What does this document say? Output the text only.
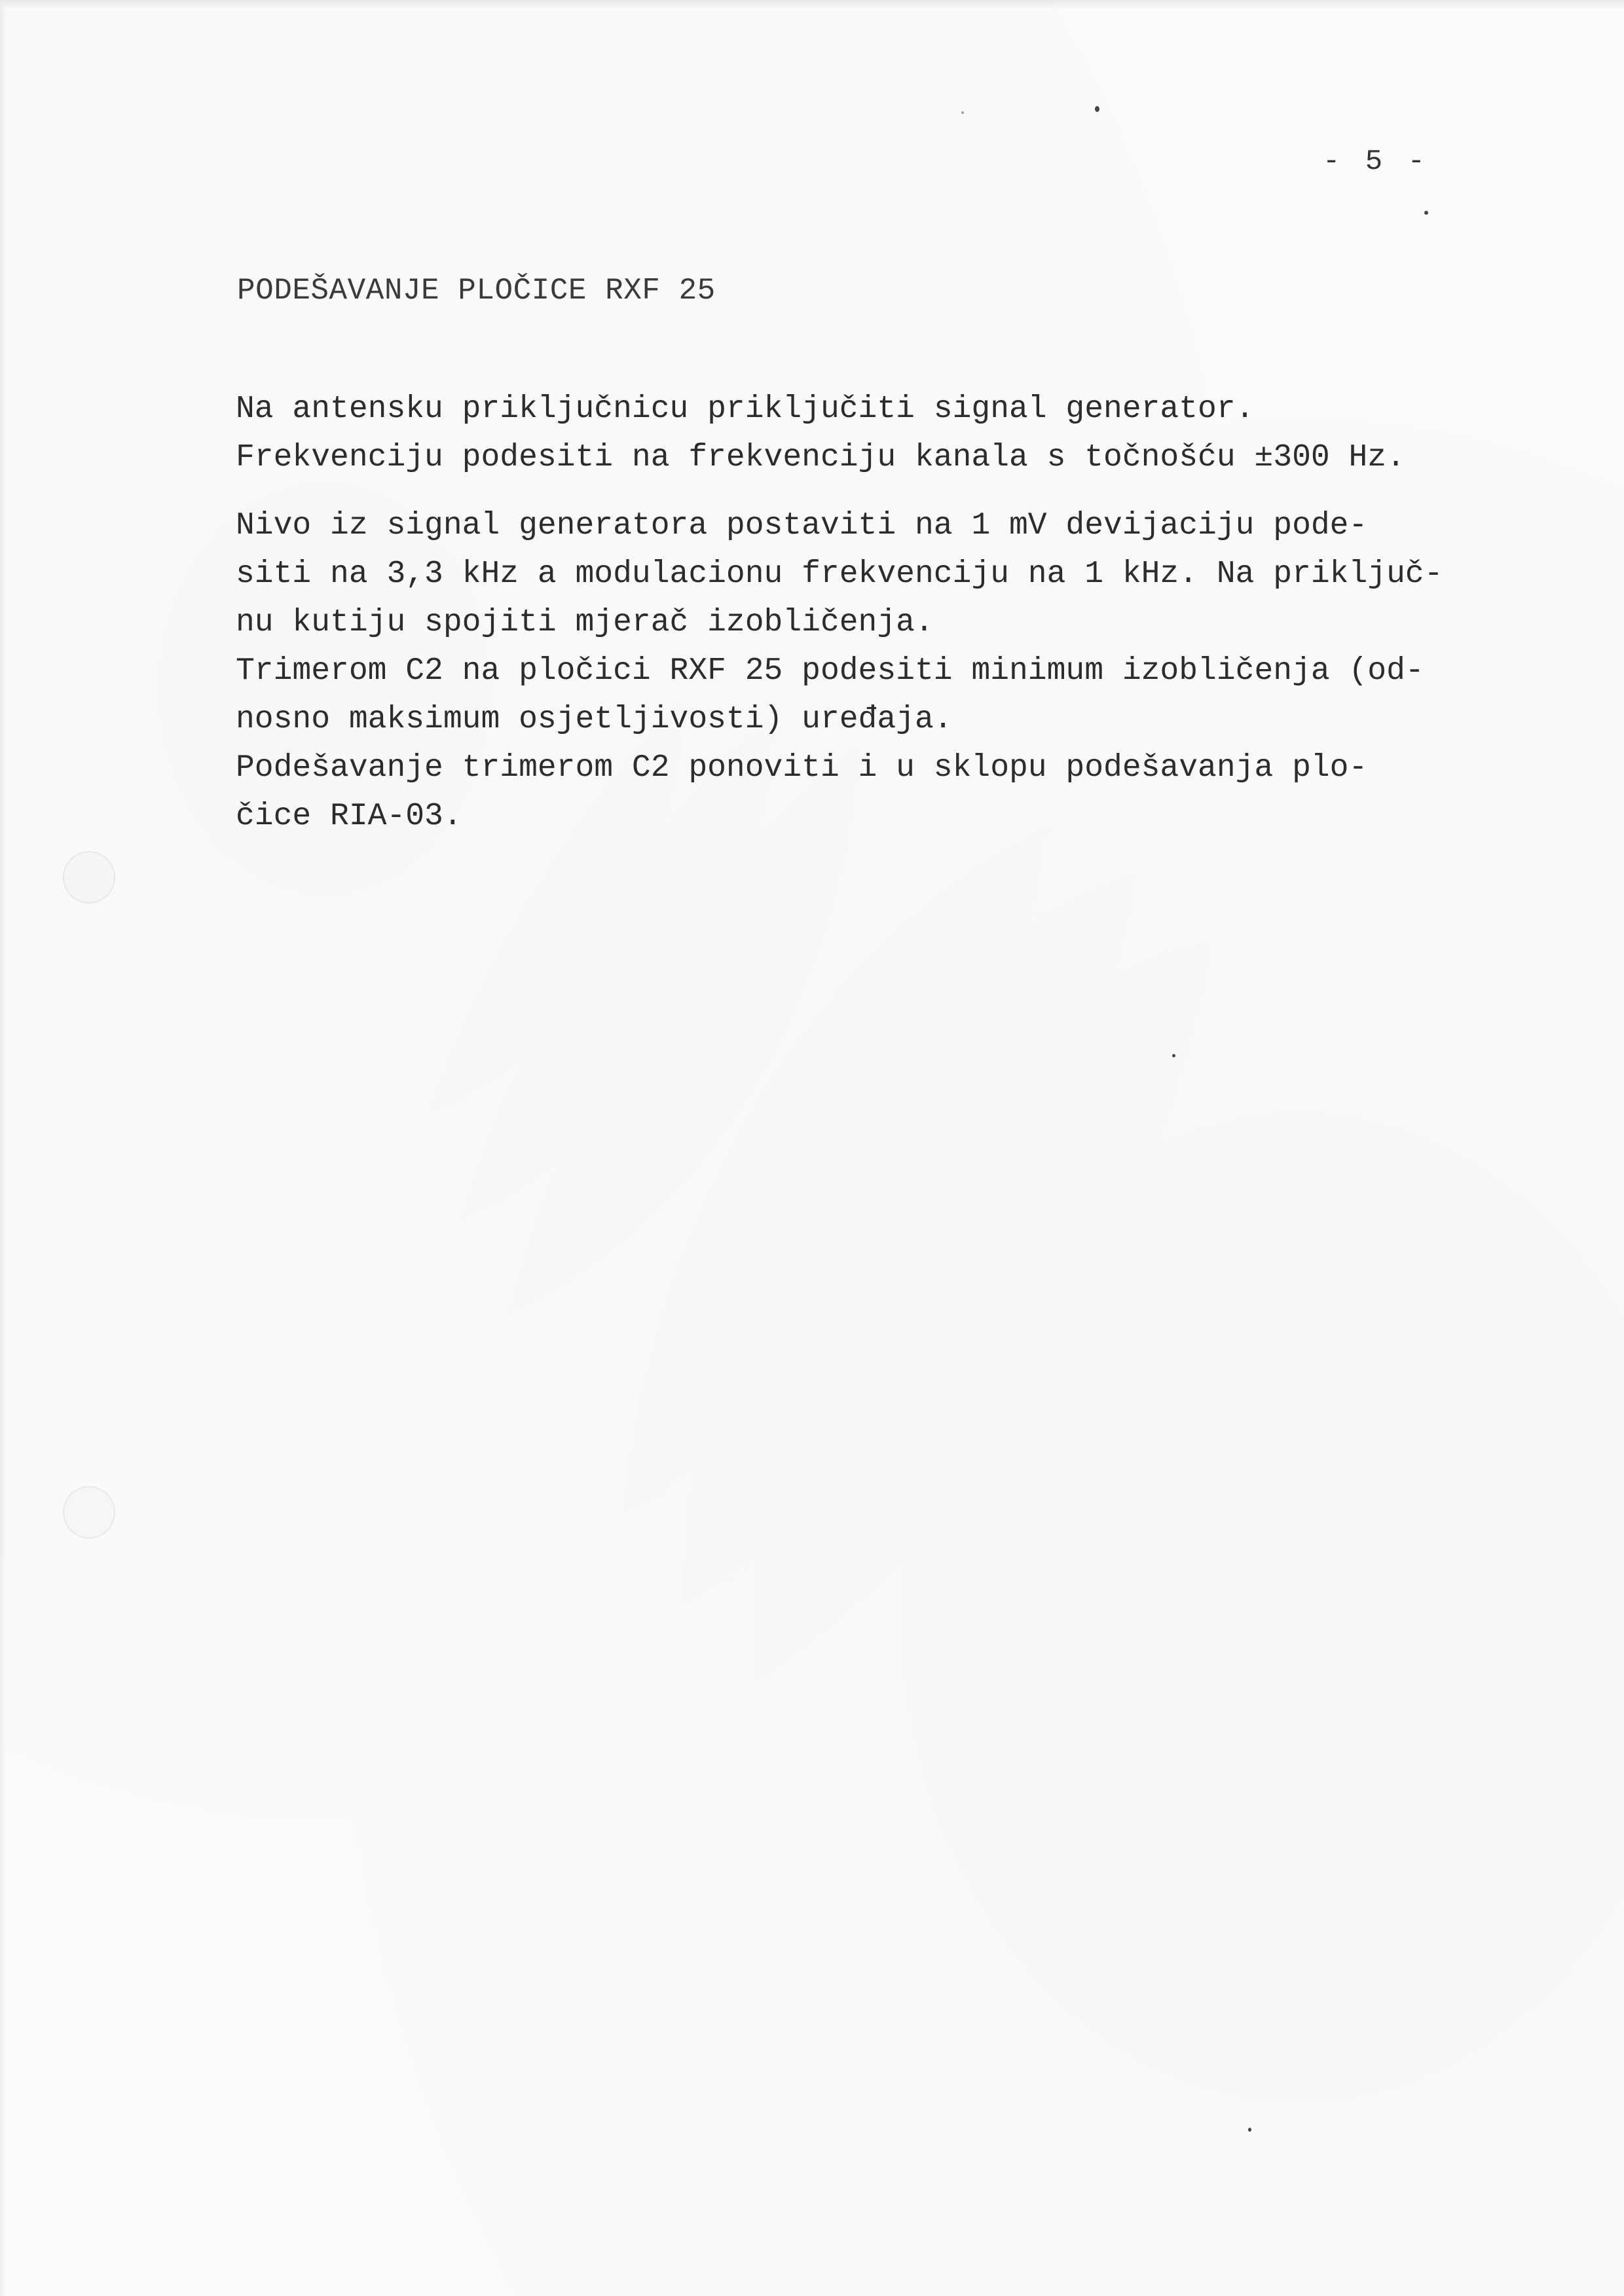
- 5 -
PODEŠAVANJE PLOČICE RXF 25
Na antensku priključnicu priključiti signal generator.
Frekvenciju podesiti na frekvenciju kanala s točnošću ±300 Hz.
Nivo iz signal generatora postaviti na 1 mV devijaciju pode-
siti na 3,3 kHz a modulacionu frekvenciju na 1 kHz. Na priključ-
nu kutiju spojiti mjerač izobličenja.
Trimerom C2 na pločici RXF 25 podesiti minimum izobličenja (od-
nosno maksimum osjetljivosti) uređaja.
Podešavanje trimerom C2 ponoviti i u sklopu podešavanja plo-
čice RIA-03.
